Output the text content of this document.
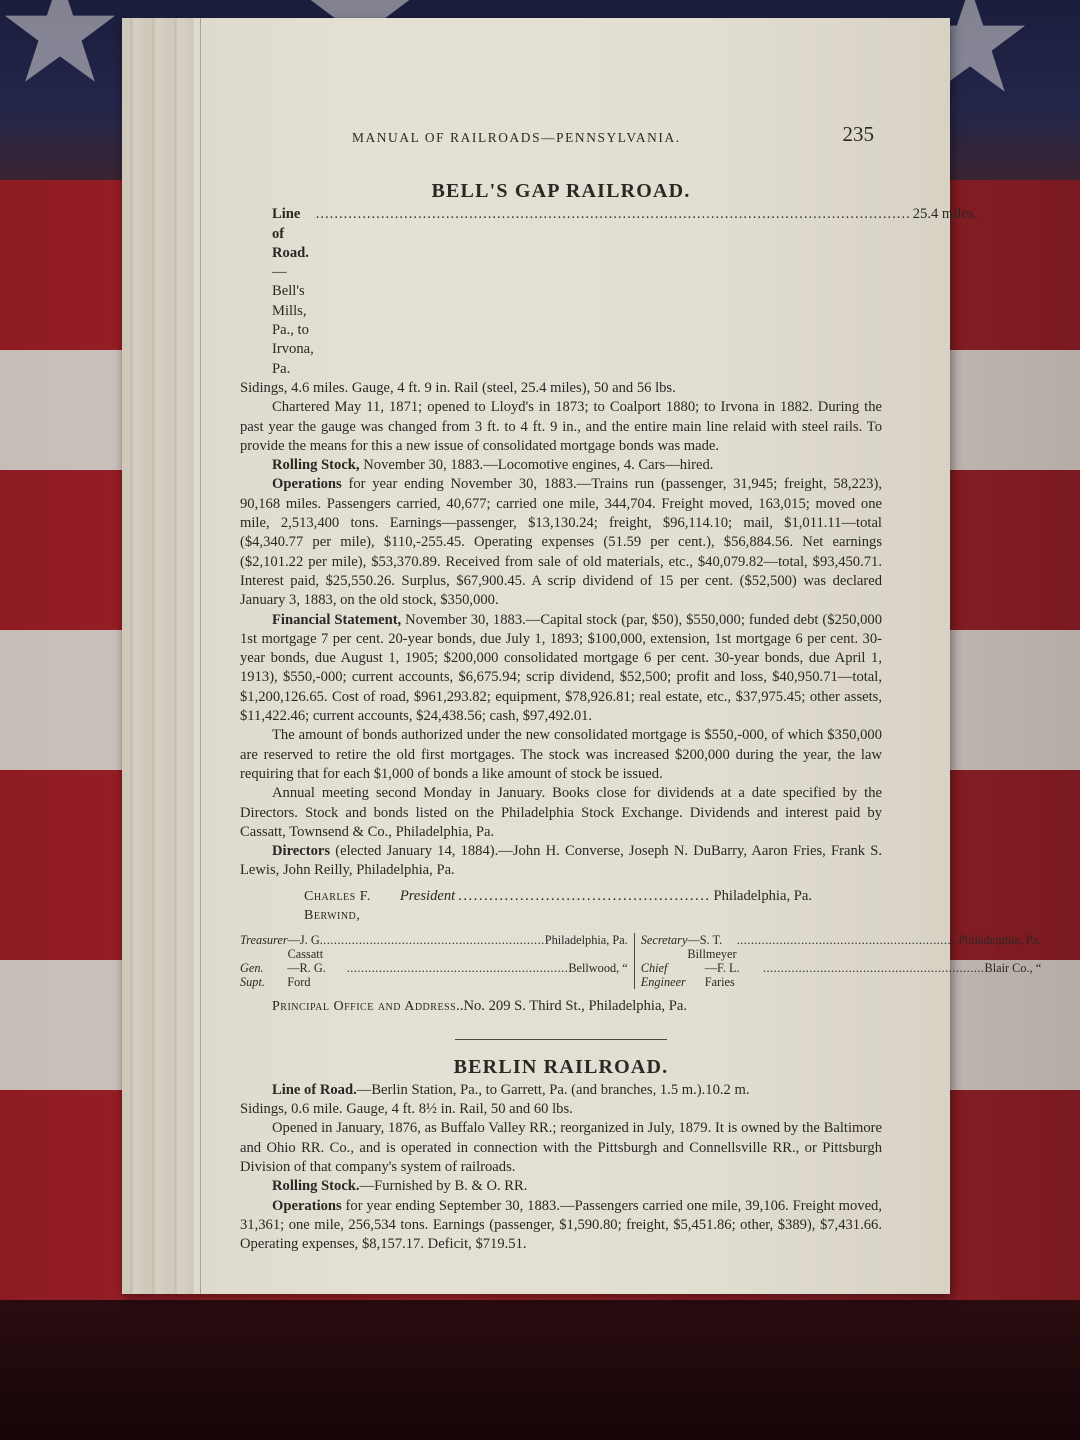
MANUAL OF RAILROADS—PENNSYLVANIA.	235
BELL'S GAP RAILROAD.
Line of Road.—Bell's Mills, Pa., to Irvona, Pa.
.....
25.4 miles.

Sidings, 4.6 miles. Gauge, 4 ft. 9 in. Rail (steel, 25.4 miles), 50 and 56 lbs.

Chartered May 11, 1871; opened to Lloyd's in 1873; to Coalport 1880; to Irvona in 1882. During the past year the gauge was changed from 3 ft. to 4 ft. 9 in., and the entire main line relaid with steel rails. To provide the means for this a new issue of consolidated mortgage bonds was made.

Rolling Stock, November 30, 1883.—Locomotive engines, 4. Cars—hired.

Operations for year ending November 30, 1883.—Trains run (passenger, 31,945; freight, 58,223), 90,168 miles. Passengers carried, 40,677; carried one mile, 344,704. Freight moved, 163,015; moved one mile, 2,513,400 tons. Earnings—passenger, $13,130.24; freight, $96,114.10; mail, $1,011.11—total ($4,340.77 per mile), $110,-255.45. Operating expenses (51.59 per cent.), $56,884.56. Net earnings ($2,101.22 per mile), $53,370.89. Received from sale of old materials, etc., $40,079.82—total, $93,450.71. Interest paid, $25,550.26. Surplus, $67,900.45. A scrip dividend of 15 per cent. ($52,500) was declared January 3, 1883, on the old stock, $350,000.

Financial Statement, November 30, 1883.—Capital stock (par, $50), $550,000; funded debt ($250,000 1st mortgage 7 per cent. 20-year bonds, due July 1, 1893; $100,000, extension, 1st mortgage 6 per cent. 30-year bonds, due August 1, 1905; $200,000 consolidated mortgage 6 per cent. 30-year bonds, due April 1, 1913), $550,-000; current accounts, $6,675.94; scrip dividend, $52,500; profit and loss, $40,950.71—total, $1,200,126.65. Cost of road, $961,293.82; equipment, $78,926.81; real estate, etc., $37,975.45; other assets, $11,422.46; current accounts, $24,438.56; cash, $97,492.01.

The amount of bonds authorized under the new consolidated mortgage is $550,-000, of which $350,000 are reserved to retire the old first mortgages. The stock was increased $200,000 during the year, the law requiring that for each $1,000 of bonds a like amount of stock be issued.

Annual meeting second Monday in January. Books close for dividends at a date specified by the Directors. Stock and bonds listed on the Philadelphia Stock Exchange. Dividends and interest paid by Cassatt, Townsend & Co., Philadelphia, Pa.

Directors (elected January 14, 1884).—John H. Converse, Joseph N. DuBarry, Aaron Fries, Frank S. Lewis, John Reilly, Philadelphia, Pa.

Charles F. Berwind,

President ................................................. Philadelphia, Pa.
Treasurer —J. G. Cassatt
.....
Philadelphia, Pa.
Gen. Supt.
—R. G. Ford
.....
Bellwood, “
Secretary —S. T. Billmeyer
.....
Philadelphia, Pa.
Chief Engineer
—F. L. Faries
.....
Blair Co., “
Principal Office and Address..No. 209 S. Third St., Philadelphia, Pa.
BERLIN RAILROAD.

Line of Road.—Berlin Station, Pa., to Garrett, Pa. (and branches, 1.5 m.).10.2 m.

Sidings, 0.6 mile. Gauge, 4 ft. 8½ in. Rail, 50 and 60 lbs.

Opened in January, 1876, as Buffalo Valley RR.; reorganized in July, 1879. It is owned by the Baltimore and Ohio RR. Co., and is operated in connection with the Pittsburgh and Connellsville RR., or Pittsburgh Division of that company's system of railroads.

Rolling Stock.—Furnished by B. & O. RR.

Operations for year ending September 30, 1883.—Passengers carried one mile, 39,106. Freight moved, 31,361; one mile, 256,534 tons. Earnings (passenger, $1,590.80; freight, $5,451.86; other, $389), $7,431.66. Operating expenses, $8,157.17. Deficit, $719.51.
